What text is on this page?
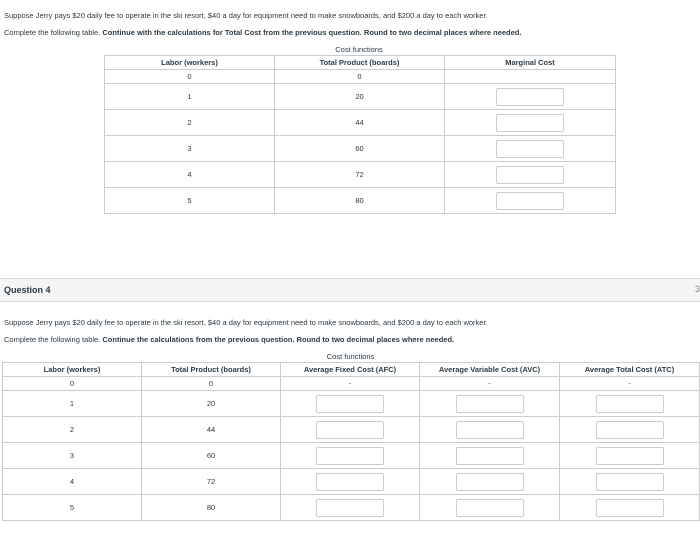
Suppose Jerry pays $20 daily fee to operate in the ski resort, $40 a day for equipment need to make snowboards, and $200 a day to each worker.
Complete the following table. Continue with the calculations for Total Cost from the previous question. Round to two decimal places where needed.
Cost functions
Labor (workers)	Total Product (boards)	Marginal Cost
0	0	
1	20	
2	44	
3	60	
4	72	
5	80	
Question 4	3
Suppose Jerry pays $20 daily fee to operate in the ski resort, $40 a day for equipment need to make snowboards, and $200 a day to each worker.
Complete the following table. Continue the calculations from the previous question. Round to two decimal places where needed.
Cost functions
Labor (workers)	Total Product (boards)	Average Fixed Cost (AFC)	Average Variable Cost (AVC)	Average Total Cost (ATC)
0	0	-	-	-
1	20			
2	44			
3	60			
4	72			
5	80			
